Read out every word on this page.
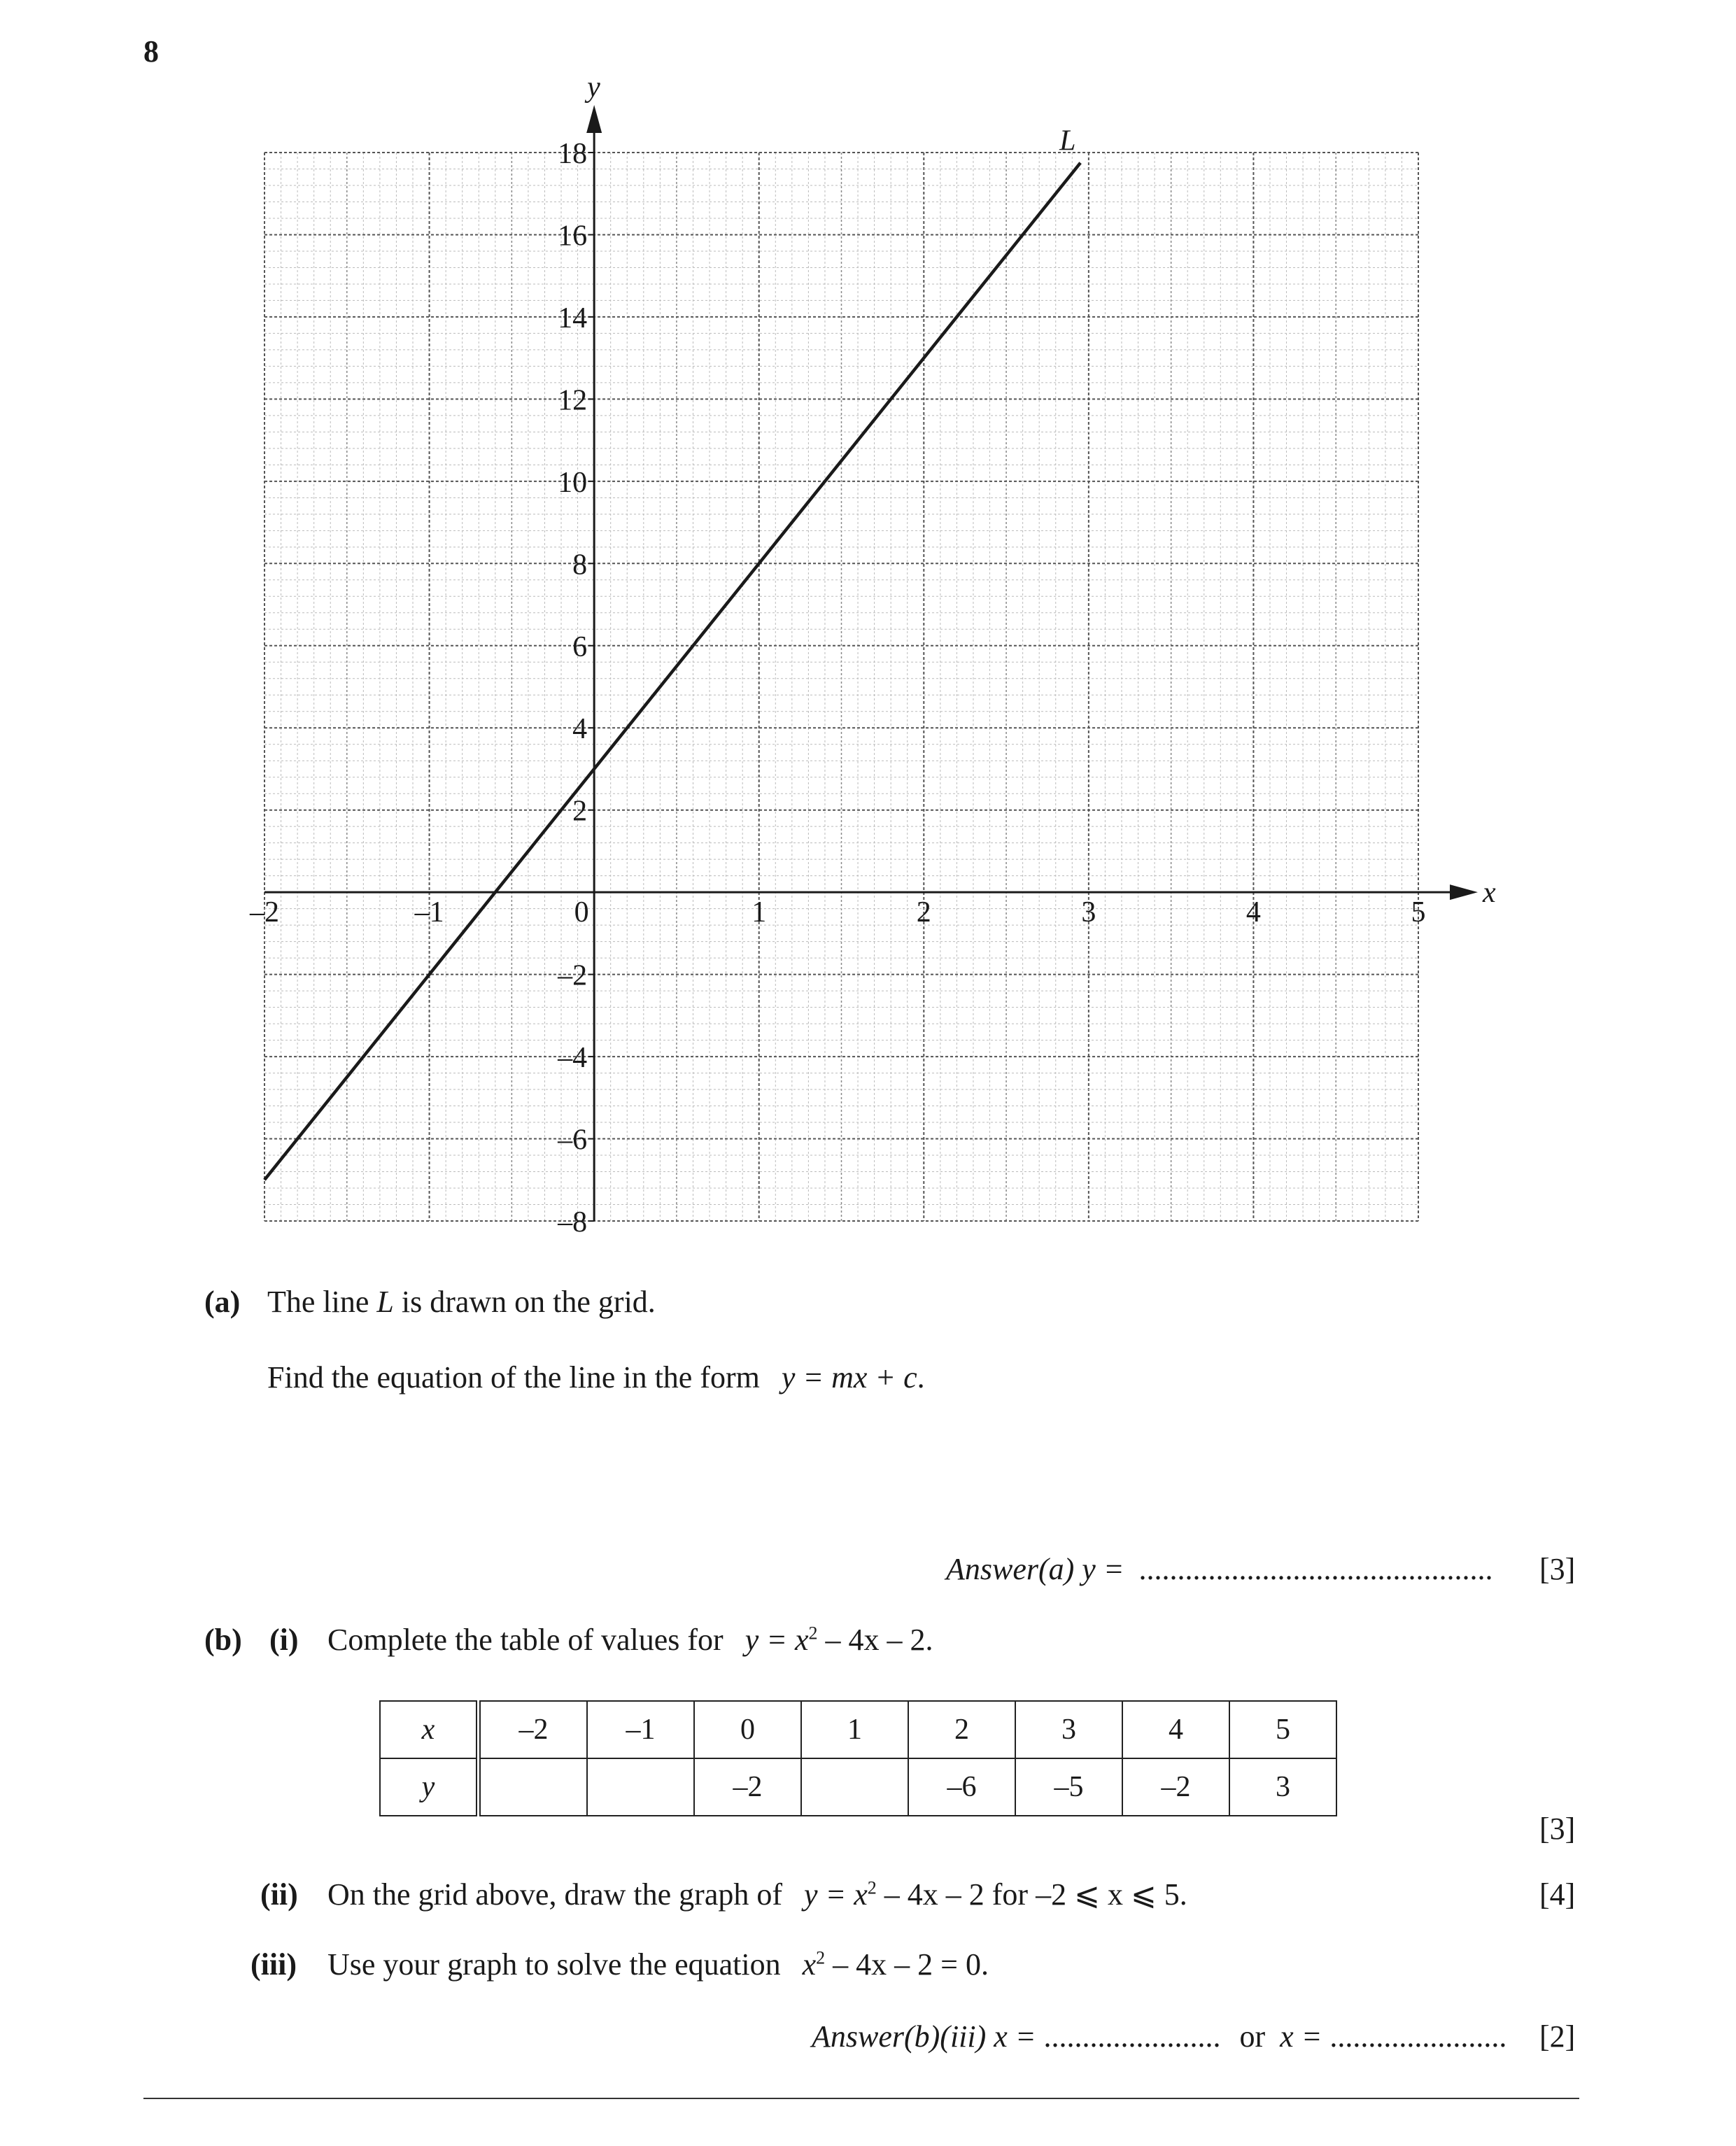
8
x
y
–2	–1	0	1	2	3	4	5
18
16
14
12
10
8
6
4
2
–2
–4
–6
–8
L
(a) The line L is drawn on the grid.
Find the equation of the line in the form y = mx + c.
Answer(a) y = .............................................. [3]
(b) (i) Complete the table of values for $y = x^2 - 4x - 2$.
x	–2	–1	0	1	2	3	4	5
y			–2		–6	–5	–2	3
[3]
(ii) On the grid above, draw the graph of $y = x^2 - 4x - 2$ for –2 ⩽ x ⩽ 5.	[4]
(iii) Use your graph to solve the equation $x^2 - 4x - 2 = 0$.
Answer(b)(iii) x = ....................... or x = ....................... [2]
